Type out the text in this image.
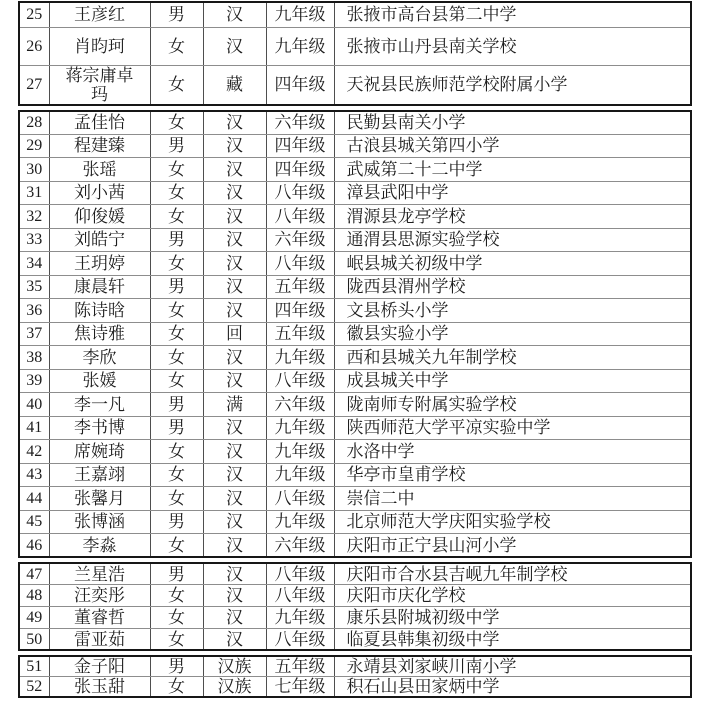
25	王彦红	男	汉	九年级	张掖市高台县第二中学
26	肖昀珂	女	汉	九年级	张掖市山丹县南关学校
27	蒋宗庸卓玛	女	藏	四年级	天祝县民族师范学校附属小学
28	孟佳怡	女	汉	六年级	民勤县南关小学
29	程建臻	男	汉	四年级	古浪县城关第四小学
30	张瑶	女	汉	四年级	武威第二十二中学
31	刘小茜	女	汉	八年级	漳县武阳中学
32	仰俊媛	女	汉	八年级	渭源县龙亭学校
33	刘皓宁	男	汉	六年级	通渭县思源实验学校
34	王玥婷	女	汉	八年级	岷县城关初级中学
35	康晨轩	男	汉	五年级	陇西县渭州学校
36	陈诗晗	女	汉	四年级	文县桥头小学
37	焦诗雅	女	回	五年级	徽县实验小学
38	李欣	女	汉	九年级	西和县城关九年制学校
39	张媛	女	汉	八年级	成县城关中学
40	李一凡	男	满	六年级	陇南师专附属实验学校
41	李书博	男	汉	九年级	陕西师范大学平凉实验中学
42	席婉琦	女	汉	九年级	水洛中学
43	王嘉翊	女	汉	九年级	华亭市皇甫学校
44	张馨月	女	汉	八年级	崇信二中
45	张博涵	男	汉	九年级	北京师范大学庆阳实验学校
46	李淼	女	汉	六年级	庆阳市正宁县山河小学
47	兰星浩	男	汉	八年级	庆阳市合水县吉岘九年制学校
48	汪奕彤	女	汉	八年级	庆阳市庆化学校
49	董睿哲	女	汉	九年级	康乐县附城初级中学
50	雷亚茹	女	汉	八年级	临夏县韩集初级中学
51	金子阳	男	汉族	五年级	永靖县刘家峡川南小学
52	张玉甜	女	汉族	七年级	积石山县田家炳中学
